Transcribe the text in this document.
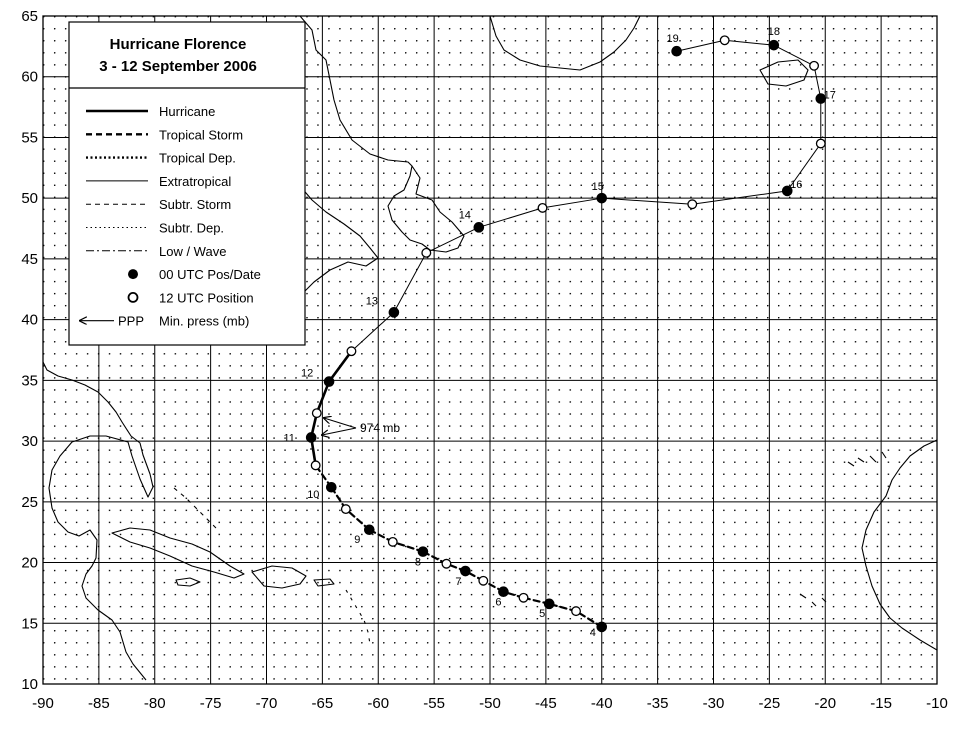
-90 -85 -80 -75 -70 -65 -60 -55 -50 -45 -40 -35 -30 -25 -20 -15 -10
10
15
20
25
30
35
40
45
50
55
60
65
4
5
6
7
8
9
10
11
12
13
14
15	16
17
18
19
974 mb
Hurricane Florence
3 - 12 September 2006
Hurricane
Tropical Storm
Tropical Dep.
Extratropical
Subtr. Storm
Subtr. Dep.
Low / Wave
00 UTC Pos/Date
12 UTC Position
PPP Min. press (mb)
